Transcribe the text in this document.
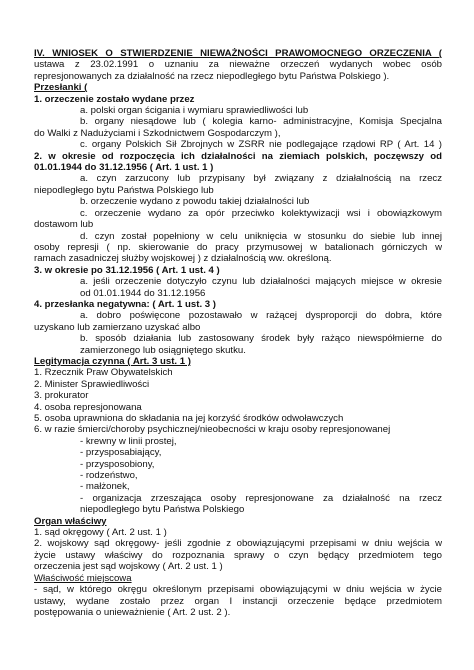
IV. WNIOSEK O STWIERDZENIE NIEWAŻNOŚCI PRAWOMOCNEGO ORZECZENIA (
ustawa z 23.02.1991 o uznaniu za nieważne orzeczeń wydanych wobec osób
represjonowanych za działalność na rzecz niepodległego bytu Państwa Polskiego ).
Przesłanki (
1. orzeczenie zostało wydane przez
a. polski organ ścigania i wymiaru sprawiedliwości lub
b. organy niesądowe lub ( kolegia karno- administracyjne, Komisja Specjalna
do Walki z Nadużyciami i Szkodnictwem Gospodarczym ),
c. organy Polskich Sił Zbrojnych w ZSRR nie podlegające rządowi RP ( Art. 14 )
2. w okresie od rozpoczęcia ich działalności na ziemiach polskich, poczęwszy od
01.01.1944 do 31.12.1956 ( Art. 1 ust. 1 )
a. czyn zarzucony lub przypisany był związany z działalnością na rzecz
niepodległego bytu Państwa Polskiego lub
b. orzeczenie wydano z powodu takiej działalności lub
c. orzeczenie wydano za opór przeciwko kolektywizacji wsi i obowiązkowym
dostawom lub
d. czyn został popełniony w celu uniknięcia w stosunku do siebie lub innej
osoby represji ( np. skierowanie do pracy przymusowej w batalionach górniczych w
ramach zasadniczej służby wojskowej ) z działalnością ww. określoną.
3. w okresie po 31.12.1956 ( Art. 1 ust. 4 )
a. jeśli orzeczenie dotyczyło czynu lub działalności mających miejsce w okresie
od 01.01.1944 do 31.12.1956
4. przesłanka negatywna: ( Art. 1 ust. 3 )
a. dobro poświęcone pozostawało w rażącej dysproporcji do dobra, które
uzyskano lub zamierzano uzyskać albo
b. sposób działania lub zastosowany środek były rażąco niewspółmierne do
zamierzonego lub osiągniętego skutku.
Legitymacja czynna ( Art. 3 ust. 1 )
1. Rzecznik Praw Obywatelskich
2. Minister Sprawiedliwości
3. prokurator
4. osoba represjonowana
5. osoba uprawniona do składania na jej korzyść środków odwoławczych
6. w razie śmierci/choroby psychicznej/nieobecności w kraju osoby represjonowanej
- krewny w linii prostej,
- przysposabiający,
- przysposobiony,
- rodzeństwo,
- małżonek,
- organizacja zrzeszająca osoby represjonowane za działalność na rzecz
niepodległego bytu Państwa Polskiego
Organ właściwy
1. sąd okręgowy ( Art. 2 ust. 1 )
2. wojskowy sąd okręgowy- jeśli zgodnie z obowiązującymi przepisami w dniu wejścia w
życie ustawy właściwy do rozpoznania sprawy o czyn będący przedmiotem tego
orzeczenia jest sąd wojskowy ( Art. 2 ust. 1 )
Właściwość miejscowa
- sąd, w którego okręgu określonym przepisami obowiązującymi w dniu wejścia w życie
ustawy, wydane zostało przez organ I instancji orzeczenie będące przedmiotem
postępowania o unieważnienie ( Art. 2 ust. 2 ).
